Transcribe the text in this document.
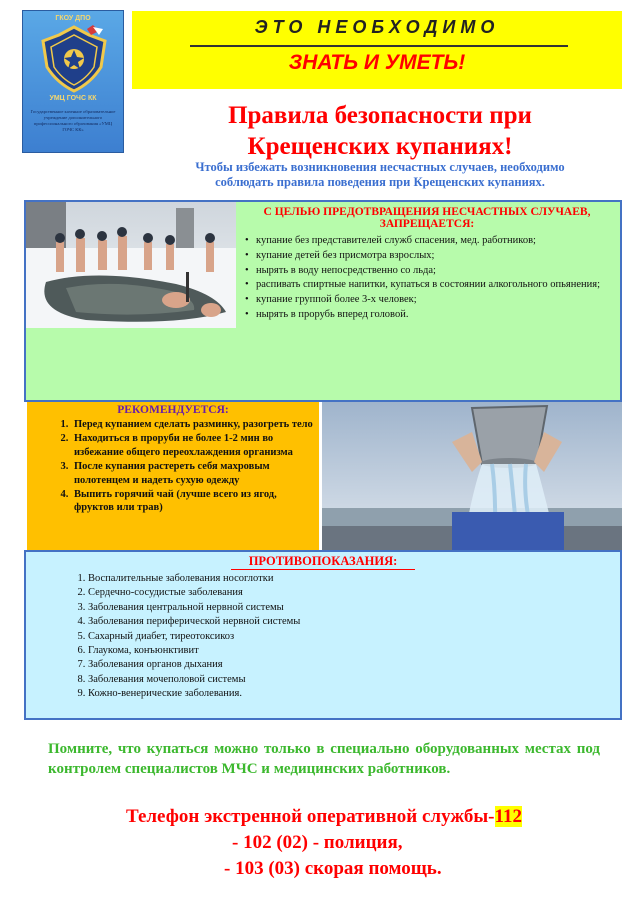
ГКОУ ДПО
УМЦ ГОЧС КК
Государственное казенное образовательное учреждение дополнительного профессионального образования «УМЦ ГОЧС КК»
ЭТО НЕОБХОДИМО
ЗНАТЬ И УМЕТЬ!
Правила безопасности при
Крещенских купаниях!
Чтобы избежать возникновения несчастных случаев, необходимо
соблюдать правила поведения при Крещенских купаниях.
С ЦЕЛЬЮ ПРЕДОТВРАЩЕНИЯ НЕСЧАСТНЫХ СЛУЧАЕВ,
ЗАПРЕЩАЕТСЯ:
• купание без представителей служб спасения, мед. работников;
• купание детей без присмотра взрослых;
• нырять в воду непосредственно со льда;
• распивать спиртные напитки, купаться в состоянии алкогольного опьянения;
• купание группой более 3-х человек;
• нырять в прорубь вперед головой.
РЕКОМЕНДУЕТСЯ:
1. Перед купанием сделать разминку, разогреть тело
2. Находиться в проруби не более 1-2 мин во избежание общего переохлаждения организма
3. После купания растереть себя махровым полотенцем и надеть сухую одежду
4. Выпить горячий чай (лучше всего из ягод, фруктов или трав)
ПРОТИВОПОКАЗАНИЯ:
1. Воспалительные заболевания носоглотки
2. Сердечно-сосудистые заболевания
3. Заболевания центральной нервной системы
4. Заболевания периферической нервной системы
5. Сахарный диабет, тиреотоксикоз
6. Глаукома, конъюнктивит
7. Заболевания органов дыхания
8. Заболевания мочеполовой системы
9. Кожно-венерические заболевания.
Помните, что купаться можно только в специально оборудованных местах под контролем специалистов МЧС и медицинских работников.
Телефон экстренной оперативной службы-112
- 102 (02) - полиция,
- 103 (03) скорая помощь.
